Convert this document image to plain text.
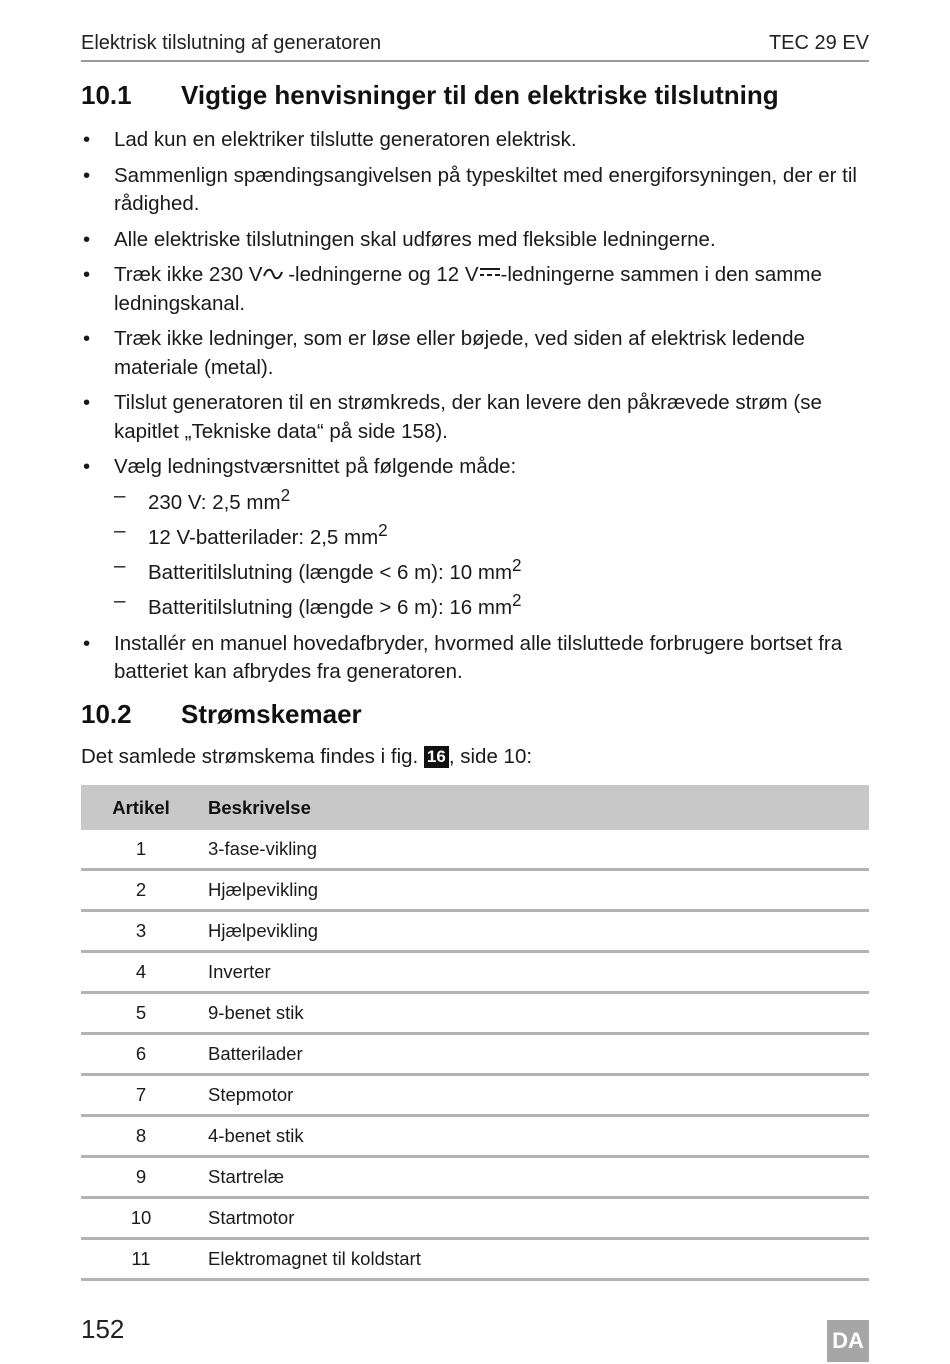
Elektrisk tilslutning af generatoren	TEC 29 EV
10.1 Vigtige henvisninger til den elektriske tilslutning
• Lad kun en elektriker tilslutte generatoren elektrisk.
• Sammenlign spændingsangivelsen på typeskiltet med energiforsyningen, der er til rådighed.
• Alle elektriske tilslutningen skal udføres med fleksible ledningerne.
• Træk ikke 230 V -ledningerne og 12 V -ledningerne sammen i den samme ledningskanal.
• Træk ikke ledninger, som er løse eller bøjede, ved siden af elektrisk ledende materiale (metal).
• Tilslut generatoren til en strømkreds, der kan levere den påkrævede strøm (se kapitlet „Tekniske data“ på side 158).
• Vælg ledningstværsnittet på følgende måde:
– 230 V: 2,5 $mm^2$
– 12 V-batterilader: 2,5 $mm^2$
– Batteritilslutning (længde < 6 m): 10 $mm^2$
– Batteritilslutning (længde > 6 m): 16 $mm^2$
• Installér en manuel hovedafbryder, hvormed alle tilsluttede forbrugere bortset fra batteriet kan afbrydes fra generatoren.
10.2 Strømskemaer
Det samlede strømskema findes i fig. 16 , side 10:
Artikel	Beskrivelse
1	3-fase-vikling
2	Hjælpevikling
3	Hjælpevikling
4	Inverter
5	9-benet stik
6	Batterilader
7	Stepmotor
8	4-benet stik
9	Startrelæ
10	Startmotor
11	Elektromagnet til koldstart
152	DA
